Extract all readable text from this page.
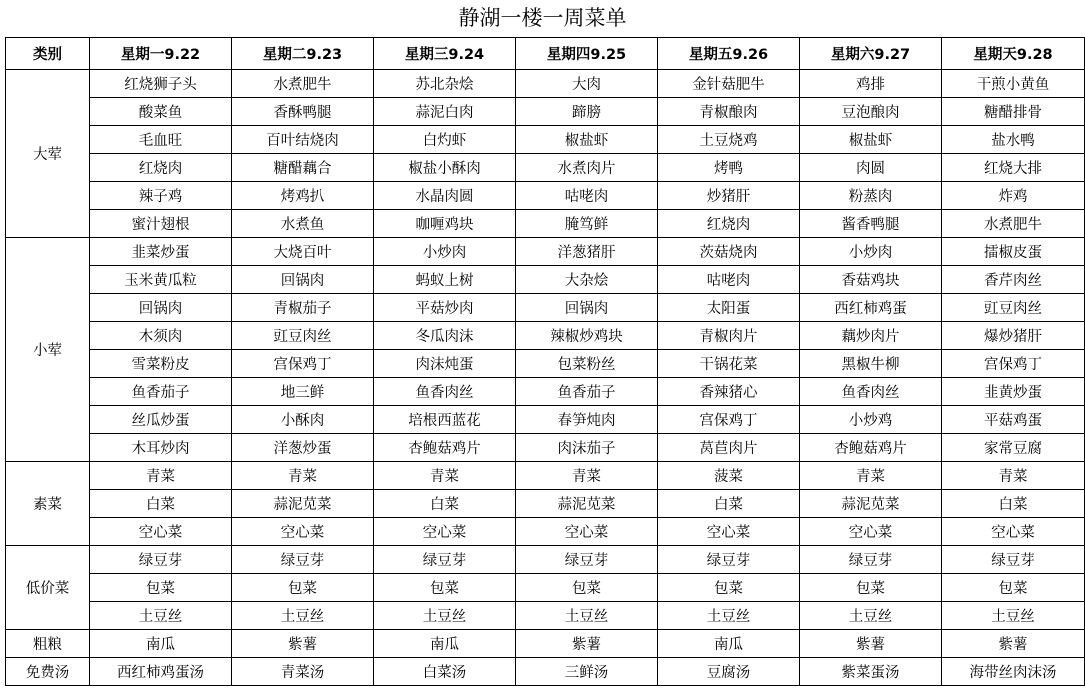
静湖一楼一周菜单
类别	星期一9.22	星期二9.23	星期三9.24	星期四9.25	星期五9.26	星期六9.27	星期天9.28
大荤	红烧狮子头	水煮肥牛	苏北杂烩	大肉	金针菇肥牛	鸡排	干煎小黄鱼
	酸菜鱼	香酥鸭腿	蒜泥白肉	蹄膀	青椒酿肉	豆泡酿肉	糖醋排骨
	毛血旺	百叶结烧肉	白灼虾	椒盐虾	土豆烧鸡	椒盐虾	盐水鸭
	红烧肉	糖醋藕合	椒盐小酥肉	水煮肉片	烤鸭	肉圆	红烧大排
	辣子鸡	烤鸡扒	水晶肉圆	咕咾肉	炒猪肝	粉蒸肉	炸鸡
	蜜汁翅根	水煮鱼	咖喱鸡块	腌笃鲜	红烧肉	酱香鸭腿	水煮肥牛
小荤	韭菜炒蛋	大烧百叶	小炒肉	洋葱猪肝	茨菇烧肉	小炒肉	擂椒皮蛋
	玉米黄瓜粒	回锅肉	蚂蚁上树	大杂烩	咕咾肉	香菇鸡块	香芹肉丝
	回锅肉	青椒茄子	平菇炒肉	回锅肉	太阳蛋	西红柿鸡蛋	豇豆肉丝
	木须肉	豇豆肉丝	冬瓜肉沫	辣椒炒鸡块	青椒肉片	藕炒肉片	爆炒猪肝
	雪菜粉皮	宫保鸡丁	肉沫炖蛋	包菜粉丝	干锅花菜	黑椒牛柳	宫保鸡丁
	鱼香茄子	地三鲜	鱼香肉丝	鱼香茄子	香辣猪心	鱼香肉丝	韭黄炒蛋
	丝瓜炒蛋	小酥肉	培根西蓝花	春笋炖肉	宫保鸡丁	小炒鸡	平菇鸡蛋
	木耳炒肉	洋葱炒蛋	杏鲍菇鸡片	肉沫茄子	莴苣肉片	杏鲍菇鸡片	家常豆腐
素菜	青菜	青菜	青菜	青菜	菠菜	青菜	青菜
	白菜	蒜泥苋菜	白菜	蒜泥苋菜	白菜	蒜泥苋菜	白菜
	空心菜	空心菜	空心菜	空心菜	空心菜	空心菜	空心菜
低价菜	绿豆芽	绿豆芽	绿豆芽	绿豆芽	绿豆芽	绿豆芽	绿豆芽
	包菜	包菜	包菜	包菜	包菜	包菜	包菜
	土豆丝	土豆丝	土豆丝	土豆丝	土豆丝	土豆丝	土豆丝
粗粮	南瓜	紫薯	南瓜	紫薯	南瓜	紫薯	紫薯
免费汤	西红柿鸡蛋汤	青菜汤	白菜汤	三鲜汤	豆腐汤	紫菜蛋汤	海带丝肉沫汤
